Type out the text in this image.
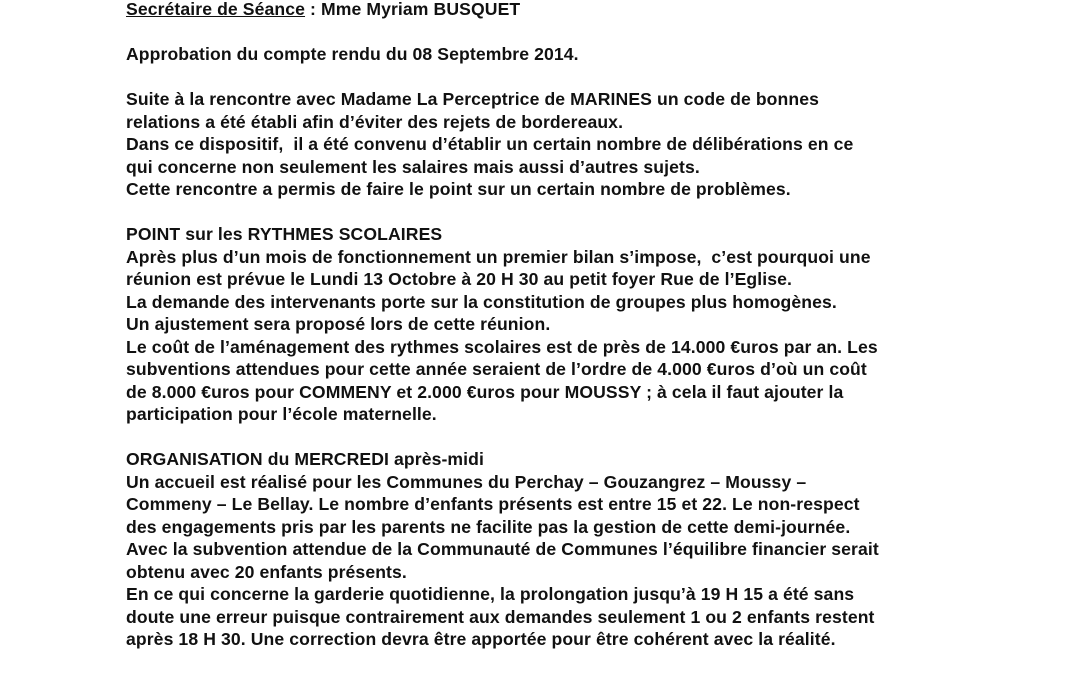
Secrétaire de Séance : Mme Myriam BUSQUET
Approbation du compte rendu du 08 Septembre 2014.
Suite à la rencontre avec Madame La Perceptrice de MARINES un code de bonnes
relations a été établi afin d’éviter des rejets de bordereaux.
Dans ce dispositif,  il a été convenu d’établir un certain nombre de délibérations en ce
qui concerne non seulement les salaires mais aussi d’autres sujets.
Cette rencontre a permis de faire le point sur un certain nombre de problèmes.
POINT sur les RYTHMES SCOLAIRES
Après plus d’un mois de fonctionnement un premier bilan s’impose,  c’est pourquoi une
réunion est prévue le Lundi 13 Octobre à 20 H 30 au petit foyer Rue de l’Eglise.
La demande des intervenants porte sur la constitution de groupes plus homogènes.
Un ajustement sera proposé lors de cette réunion.
Le coût de l’aménagement des rythmes scolaires est de près de 14.000 €uros par an. Les
subventions attendues pour cette année seraient de l’ordre de 4.000 €uros d’où un coût
de 8.000 €uros pour COMMENY et 2.000 €uros pour MOUSSY ; à cela il faut ajouter la
participation pour l’école maternelle.
ORGANISATION du MERCREDI après-midi
Un accueil est réalisé pour les Communes du Perchay – Gouzangrez – Moussy –
Commeny – Le Bellay. Le nombre d’enfants présents est entre 15 et 22. Le non-respect
des engagements pris par les parents ne facilite pas la gestion de cette demi-journée.
Avec la subvention attendue de la Communauté de Communes l’équilibre financier serait
obtenu avec 20 enfants présents.
En ce qui concerne la garderie quotidienne, la prolongation jusqu’à 19 H 15 a été sans
doute une erreur puisque contrairement aux demandes seulement 1 ou 2 enfants restent
après 18 H 30. Une correction devra être apportée pour être cohérent avec la réalité.
